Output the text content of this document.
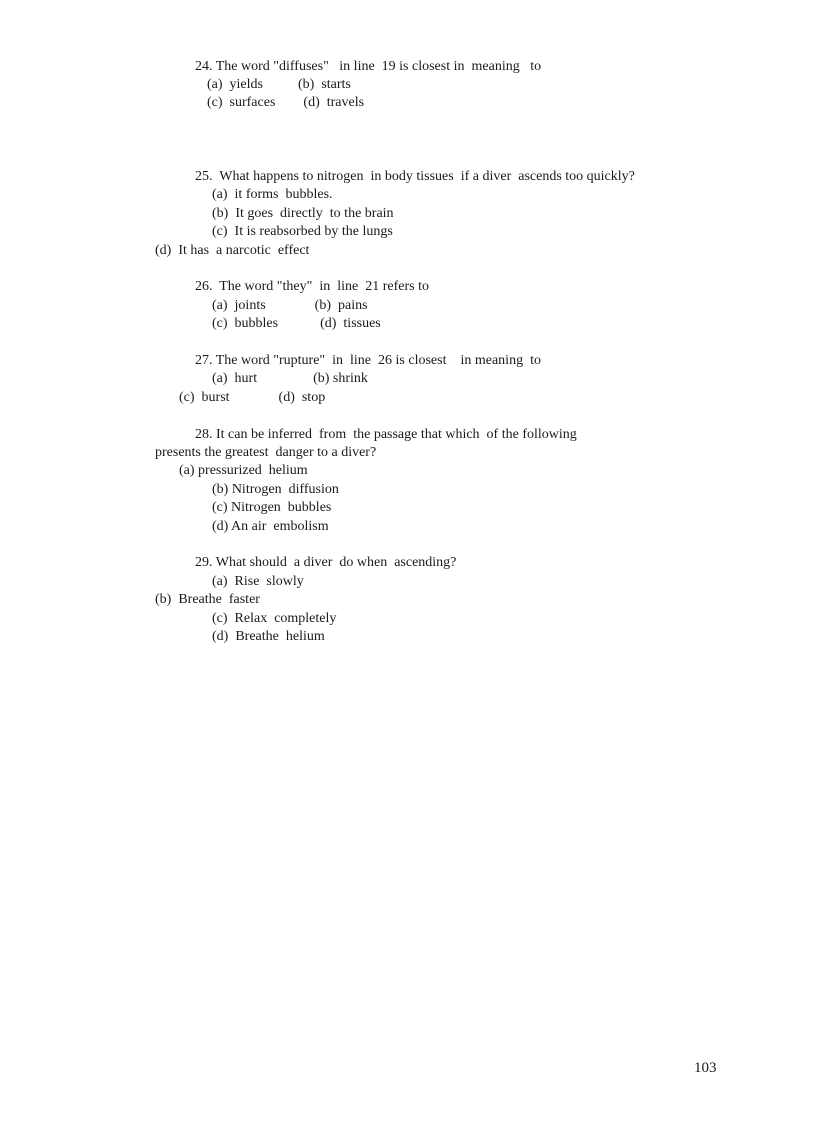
24. The word "diffuses"   in line  19 is closest in  meaning   to
(a)  yields          (b)  starts
(c)  surfaces        (d)  travels
25.  What happens to nitrogen  in body tissues  if a diver  ascends too quickly?
(a)  it forms  bubbles.
(b)  It goes  directly  to the brain
(c)  It is reabsorbed by the lungs
(d)  It has  a narcotic  effect
26.  The word "they"  in  line  21 refers to
(a)  joints              (b)  pains
(c)  bubbles            (d)  tissues
27. The word "rupture"  in  line  26 is closest    in meaning  to
(a)  hurt                (b) shrink
(c)  burst              (d)  stop
28. It can be inferred  from  the passage that which  of the following
presents the greatest  danger to a diver?
(a) pressurized  helium
(b) Nitrogen  diffusion
(c) Nitrogen  bubbles
(d) An air  embolism
29. What should  a diver  do when  ascending?
(a)  Rise  slowly
(b)  Breathe  faster
(c)  Relax  completely
(d)  Breathe  helium
103
